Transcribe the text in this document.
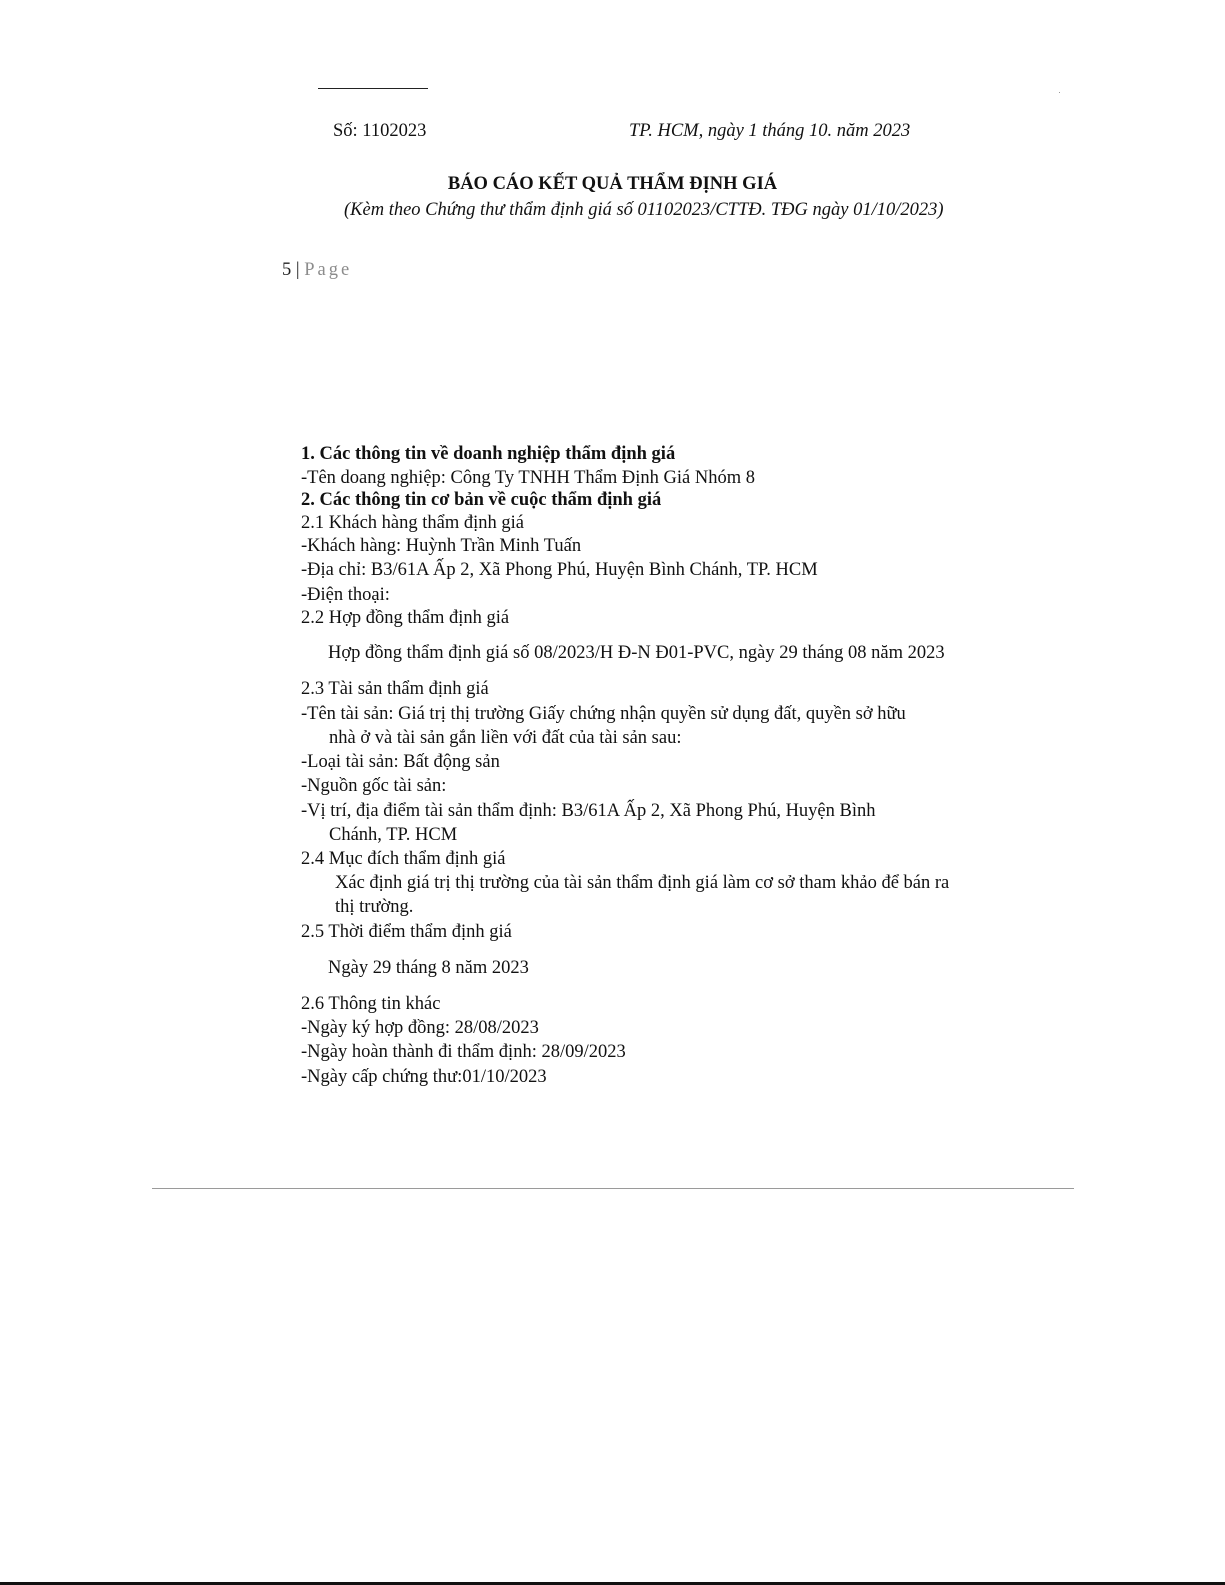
Số: 1102023	TP. HCM, ngày 1 tháng 10. năm 2023
BÁO CÁO KẾT QUẢ THẨM ĐỊNH GIÁ
(Kèm theo Chứng thư thẩm định giá số 01102023/CTTĐ. TĐG ngày 01/10/2023)
5 | Page
1. Các thông tin về doanh nghiệp thẩm định giá
-Tên doang nghiệp: Công Ty TNHH Thẩm Định Giá Nhóm 8
2. Các thông tin cơ bản về cuộc thẩm định giá
2.1 Khách hàng thẩm định giá
-Khách hàng: Huỳnh Trần Minh Tuấn
-Địa chỉ: B3/61A Ấp 2, Xã Phong Phú, Huyện Bình Chánh, TP. HCM
-Điện thoại:
2.2 Hợp đồng thẩm định giá
Hợp đồng thẩm định giá số 08/2023/H Đ-N Đ01-PVC, ngày 29 tháng 08 năm 2023
2.3 Tài sản thẩm định giá
-Tên tài sản: Giá trị thị trường Giấy chứng nhận quyền sử dụng đất, quyền sở hữu
nhà ở và tài sản gắn liền với đất của tài sản sau:
-Loại tài sản: Bất động sản
-Nguồn gốc tài sản:
-Vị trí, địa điểm tài sản thẩm định: B3/61A Ấp 2, Xã Phong Phú, Huyện Bình
Chánh, TP. HCM
2.4 Mục đích thẩm định giá
Xác định giá trị thị trường của tài sản thẩm định giá làm cơ sở tham khảo để bán ra
thị trường.
2.5 Thời điểm thẩm định giá
Ngày 29 tháng 8 năm 2023
2.6 Thông tin khác
-Ngày ký hợp đồng: 28/08/2023
-Ngày hoàn thành đi thẩm định: 28/09/2023
-Ngày cấp chứng thư:01/10/2023
